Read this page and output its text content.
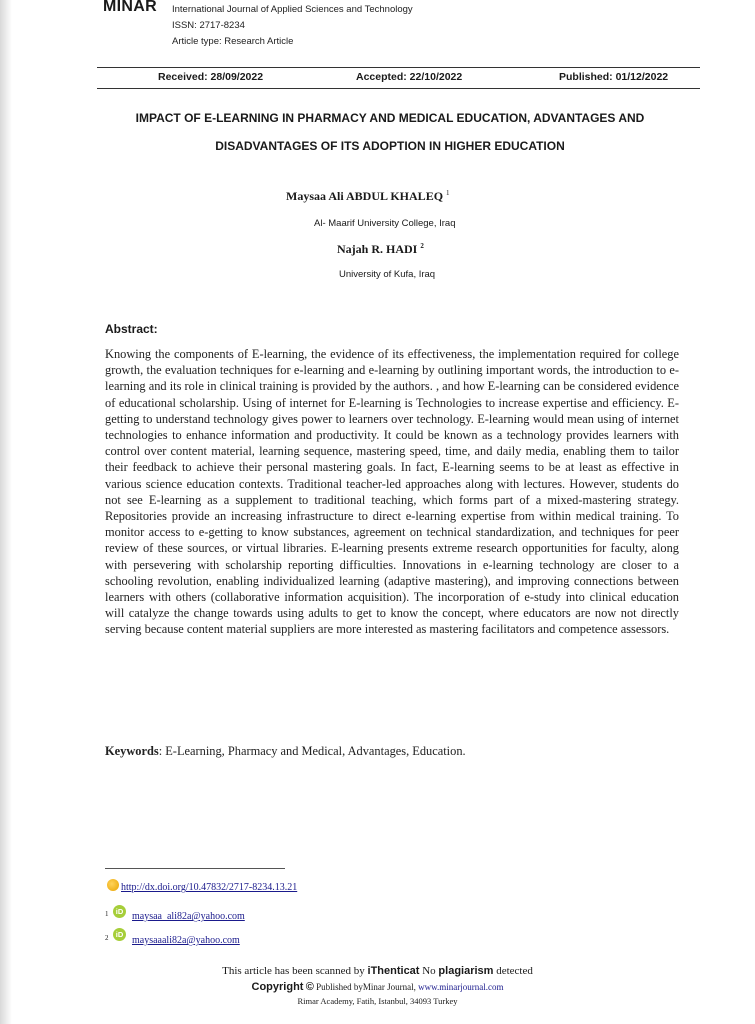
MINAR International Journal of Applied Sciences and Technology
ISSN: 2717-8234
Article type: Research Article
Received: 28/09/2022	Accepted: 22/10/2022	Published: 01/12/2022
IMPACT OF E-LEARNING IN PHARMACY AND MEDICAL EDUCATION, ADVANTAGES AND
DISADVANTAGES OF ITS ADOPTION IN HIGHER EDUCATION
Maysaa Ali ABDUL KHALEQ $^1$
Al- Maarif University College, Iraq
Najah R. HADI $^2$
University of Kufa, Iraq
Abstract:
Knowing the components of E-learning, the evidence of its effectiveness, the implementation required for college growth, the evaluation techniques for e-learning and e-learning by outlining important words, the introduction to e-learning and its role in clinical training is provided by the authors. , and how E-learning can be considered evidence of educational scholarship. Using of internet for E-learning is Technologies to increase expertise and efficiency. E-getting to understand technology gives power to learners over technology. E-learning would mean using of internet technologies to enhance information and productivity. It could be known as a technology provides learners with control over content material, learning sequence, mastering speed, time, and daily media, enabling them to tailor their feedback to achieve their personal mastering goals. In fact, E-learning seems to be at least as effective in various science education contexts. Traditional teacher-led approaches along with lectures. However, students do not see E-learning as a supplement to traditional teaching, which forms part of a mixed-mastering strategy. Repositories provide an increasing infrastructure to direct e-learning expertise from within medical training. To monitor access to e-getting to know substances, agreement on technical standardization, and techniques for peer review of these sources, or virtual libraries. E-learning presents extreme research opportunities for faculty, along with persevering with scholarship reporting difficulties. Innovations in e-learning technology are closer to a schooling revolution, enabling individualized learning (adaptive mastering), and improving connections between learners with others (collaborative information acquisition). The incorporation of e-study into clinical education will catalyze the change towards using adults to get to know the concept, where educators are now not directly serving because content material suppliers are more interested as mastering facilitators and competence assessors.
Keywords: E-Learning, Pharmacy and Medical, Advantages, Education.
http://dx.doi.org/10.47832/2717-8234.13.21
1 iD maysaa_ali82a@yahoo.com
2 iD
maysaaali82a@yahoo.com
This article has been scanned by iThenticat No plagiarism detected
Copyright © Published byMinar Journal, www.minarjournal.com
Rimar Academy, Fatih, Istanbul, 34093 Turkey
